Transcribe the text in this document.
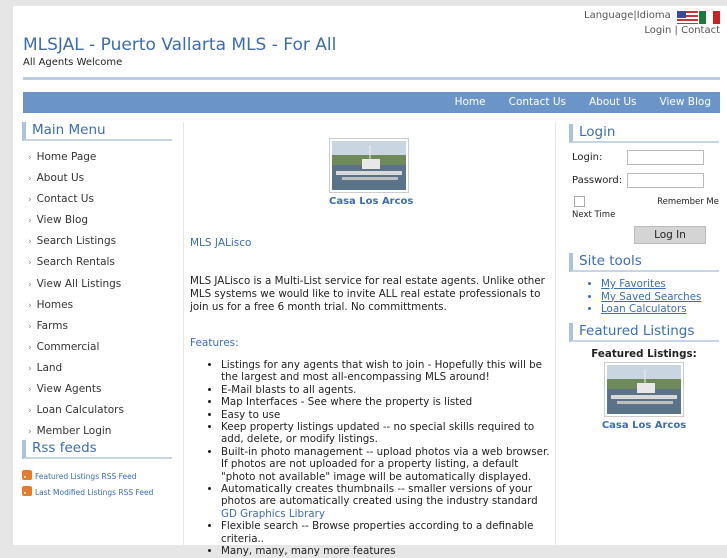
Language|Idioma
Login | Contact
MLSJAL - Puerto Vallarta MLS - For All
All Agents Welcome
Home	Contact Us	About Us	View Blog
Main Menu
› Home Page
› About Us
› Contact Us
› View Blog
› Search Listings
› Search Rentals
› View All Listings
› Homes
› Farms
› Commercial
› Land
› View Agents
› Loan Calculators
› Member Login
Rss feeds
Featured Listings RSS Feed
Last Modified Listings RSS Feed
Casa Los Arcos
MLS JALisco
MLS JALisco is a Multi-List service for real estate agents. Unlike other MLS systems we would like to invite ALL real estate professionals to join us for a free 6 month trial. No committments.
Features:
• Listings for any agents that wish to join - Hopefully this will be the largest and most all-encompassing MLS around!
• E-Mail blasts to all agents.
• Map Interfaces - See where the property is listed
• Easy to use
• Keep property listings updated -- no special skills required to add, delete, or modify listings.
• Built-in photo management -- upload photos via a web browser. If photos are not uploaded for a property listing, a default "photo not available" image will be automatically displayed.
• Automatically creates thumbnails -- smaller versions of your photos are automatically created using the industry standard GD Graphics Library
• Flexible search -- Browse properties according to a definable criteria..
• Many, many, many more features
Login
Login:
Password:
Remember Me
Next Time
Log In
Site tools
• My Favorites
• My Saved Searches
• Loan Calculators
Featured Listings
Featured Listings:
Casa Los Arcos
